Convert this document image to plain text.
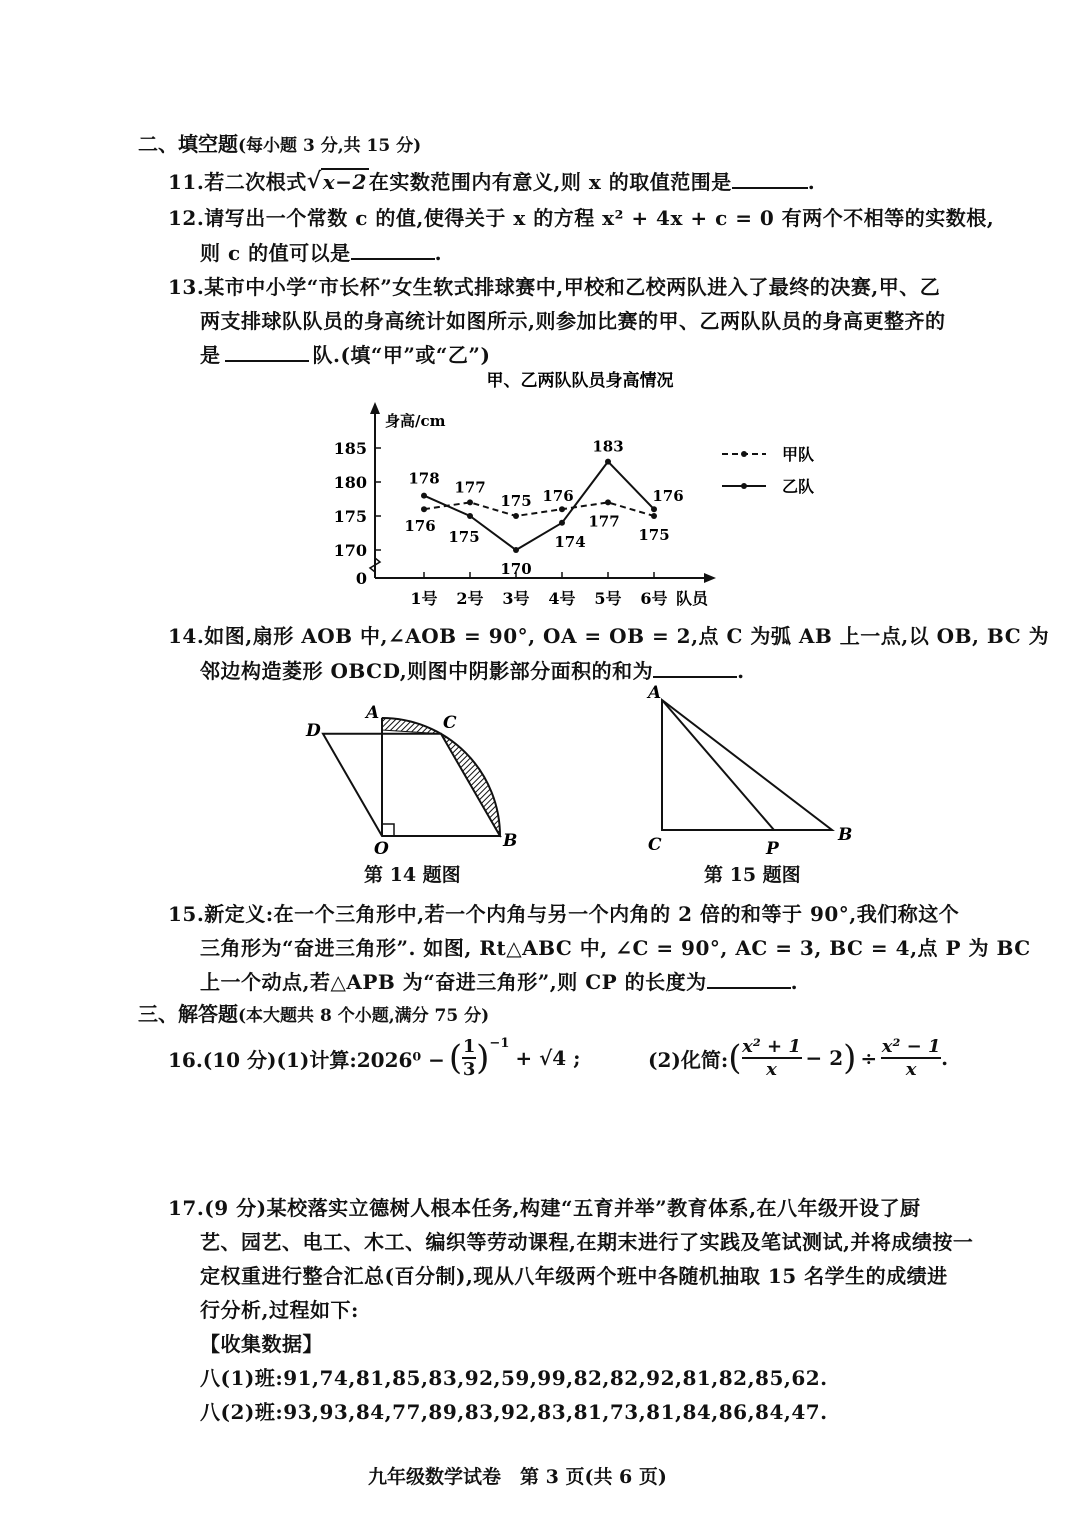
二、填空题(每小题 3 分,共 15 分)
11.若二次根式 √ x−2 在实数范围内有意义,则 x 的取值范围是	.
12.请写出一个常数 c 的值,使得关于 x 的方程 x² + 4x + c = 0 有两个不相等的实数根,
则 c 的值可以是	.
13.某市中小学“市长杯”女生软式排球赛中,甲校和乙校两队进入了最终的决赛,甲、乙
两支排球队队员的身高统计如图所示,则参加比赛的甲、乙两队队员的身高更整齐的
是	队.(填“甲”或“乙”)
甲、乙两队队员身高情况
身高/cm
队员
185
180
175
170
0
1号 2号 3号 4号 5号 6号
176
177
175 176
177
175
178
175
170
174
183
176
甲队
乙队
14.如图,扇形 AOB 中,∠AOB = 90°, OA = OB = 2,点 C 为弧 AB 上一点,以 OB, BC 为
邻边构造菱形 OBCD,则图中阴影部分面积的和为	.
A	C
D
O	B
第 14 题图
A
C	P
B
第 15 题图
15.新定义:在一个三角形中,若一个内角与另一个内角的 2 倍的和等于 90°,我们称这个
三角形为“奋进三角形”. 如图, Rt△ABC 中, ∠C = 90°, AC = 3, BC = 4,点 P 为 BC
上一个动点,若△APB 为“奋进三角形”,则 CP 的长度为	.
三、解答题(本大题共 8 个小题,满分 75 分)
16.(10 分)(1)计算:2026⁰ − ( 1
3 ) −1
+ √4 ;	(2)化简: ( x² + 1
x − 2 ) ÷ x² − 1
x .
17.(9 分)某校落实立德树人根本任务,构建“五育并举”教育体系,在八年级开设了厨
艺、园艺、电工、木工、编织等劳动课程,在期末进行了实践及笔试测试,并将成绩按一
定权重进行整合汇总(百分制),现从八年级两个班中各随机抽取 15 名学生的成绩进
行分析,过程如下:
【收集数据】
八(1)班:91,74,81,85,83,92,59,99,82,82,92,81,82,85,62.
八(2)班:93,93,84,77,89,83,92,83,81,73,81,84,86,84,47.
九年级数学试卷　第 3 页(共 6 页)
